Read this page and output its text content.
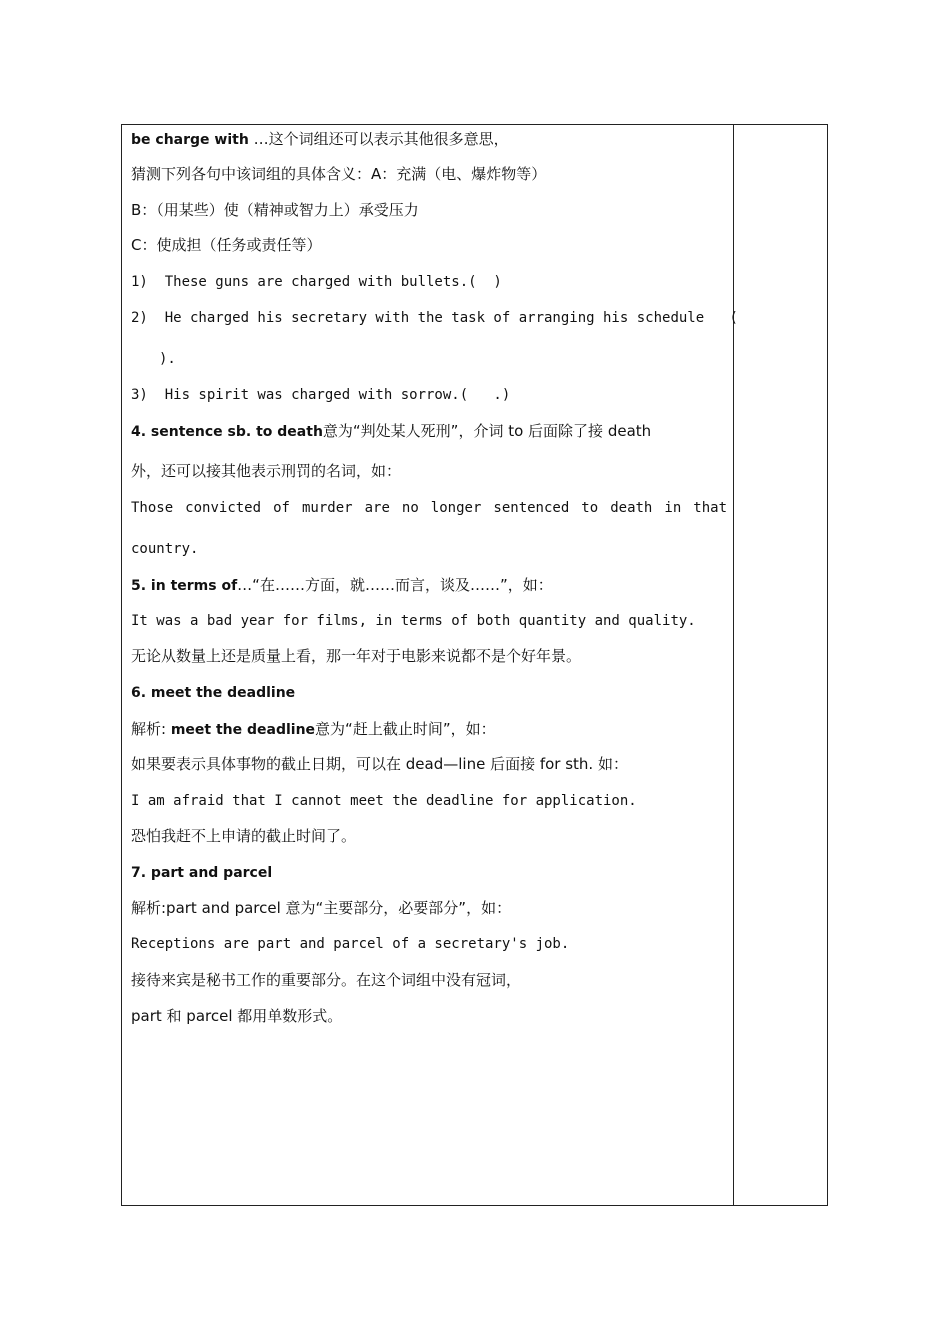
be charge with …这个词组还可以表示其他很多意思，
猜测下列各句中该词组的具体含义：A：充满（电、爆炸物等）
B：（用某些）使（精神或智力上）承受压力
C：使成担（任务或责任等）
1)  These guns are charged with bullets.(  )
2)  He charged his secretary with the task of arranging his schedule   (
).
3)  His spirit was charged with sorrow.(   .)
4. sentence sb. to death意为“判处某人死刑”，介词 to 后面除了接 death
外，还可以接其他表示刑罚的名词，如：
Those convicted of murder are no longer sentenced to death in that
country.
5. in terms of…“在……方面，就……而言，谈及……”，如：
It was a bad year for films, in terms of both quantity and quality.
无论从数量上还是质量上看，那一年对于电影来说都不是个好年景。
6. meet the deadline
解析: meet the deadline意为“赶上截止时间”，如：
如果要表示具体事物的截止日期，可以在 dead—line 后面接 for sth. 如：
I am afraid that I cannot meet the deadline for application.
恐怕我赶不上申请的截止时间了。
7. part and parcel
解析:part and parcel 意为“主要部分，必要部分”，如：
Receptions are part and parcel of a secretary's job.
接待来宾是秘书工作的重要部分。在这个词组中没有冠词，
part 和 parcel 都用单数形式。
